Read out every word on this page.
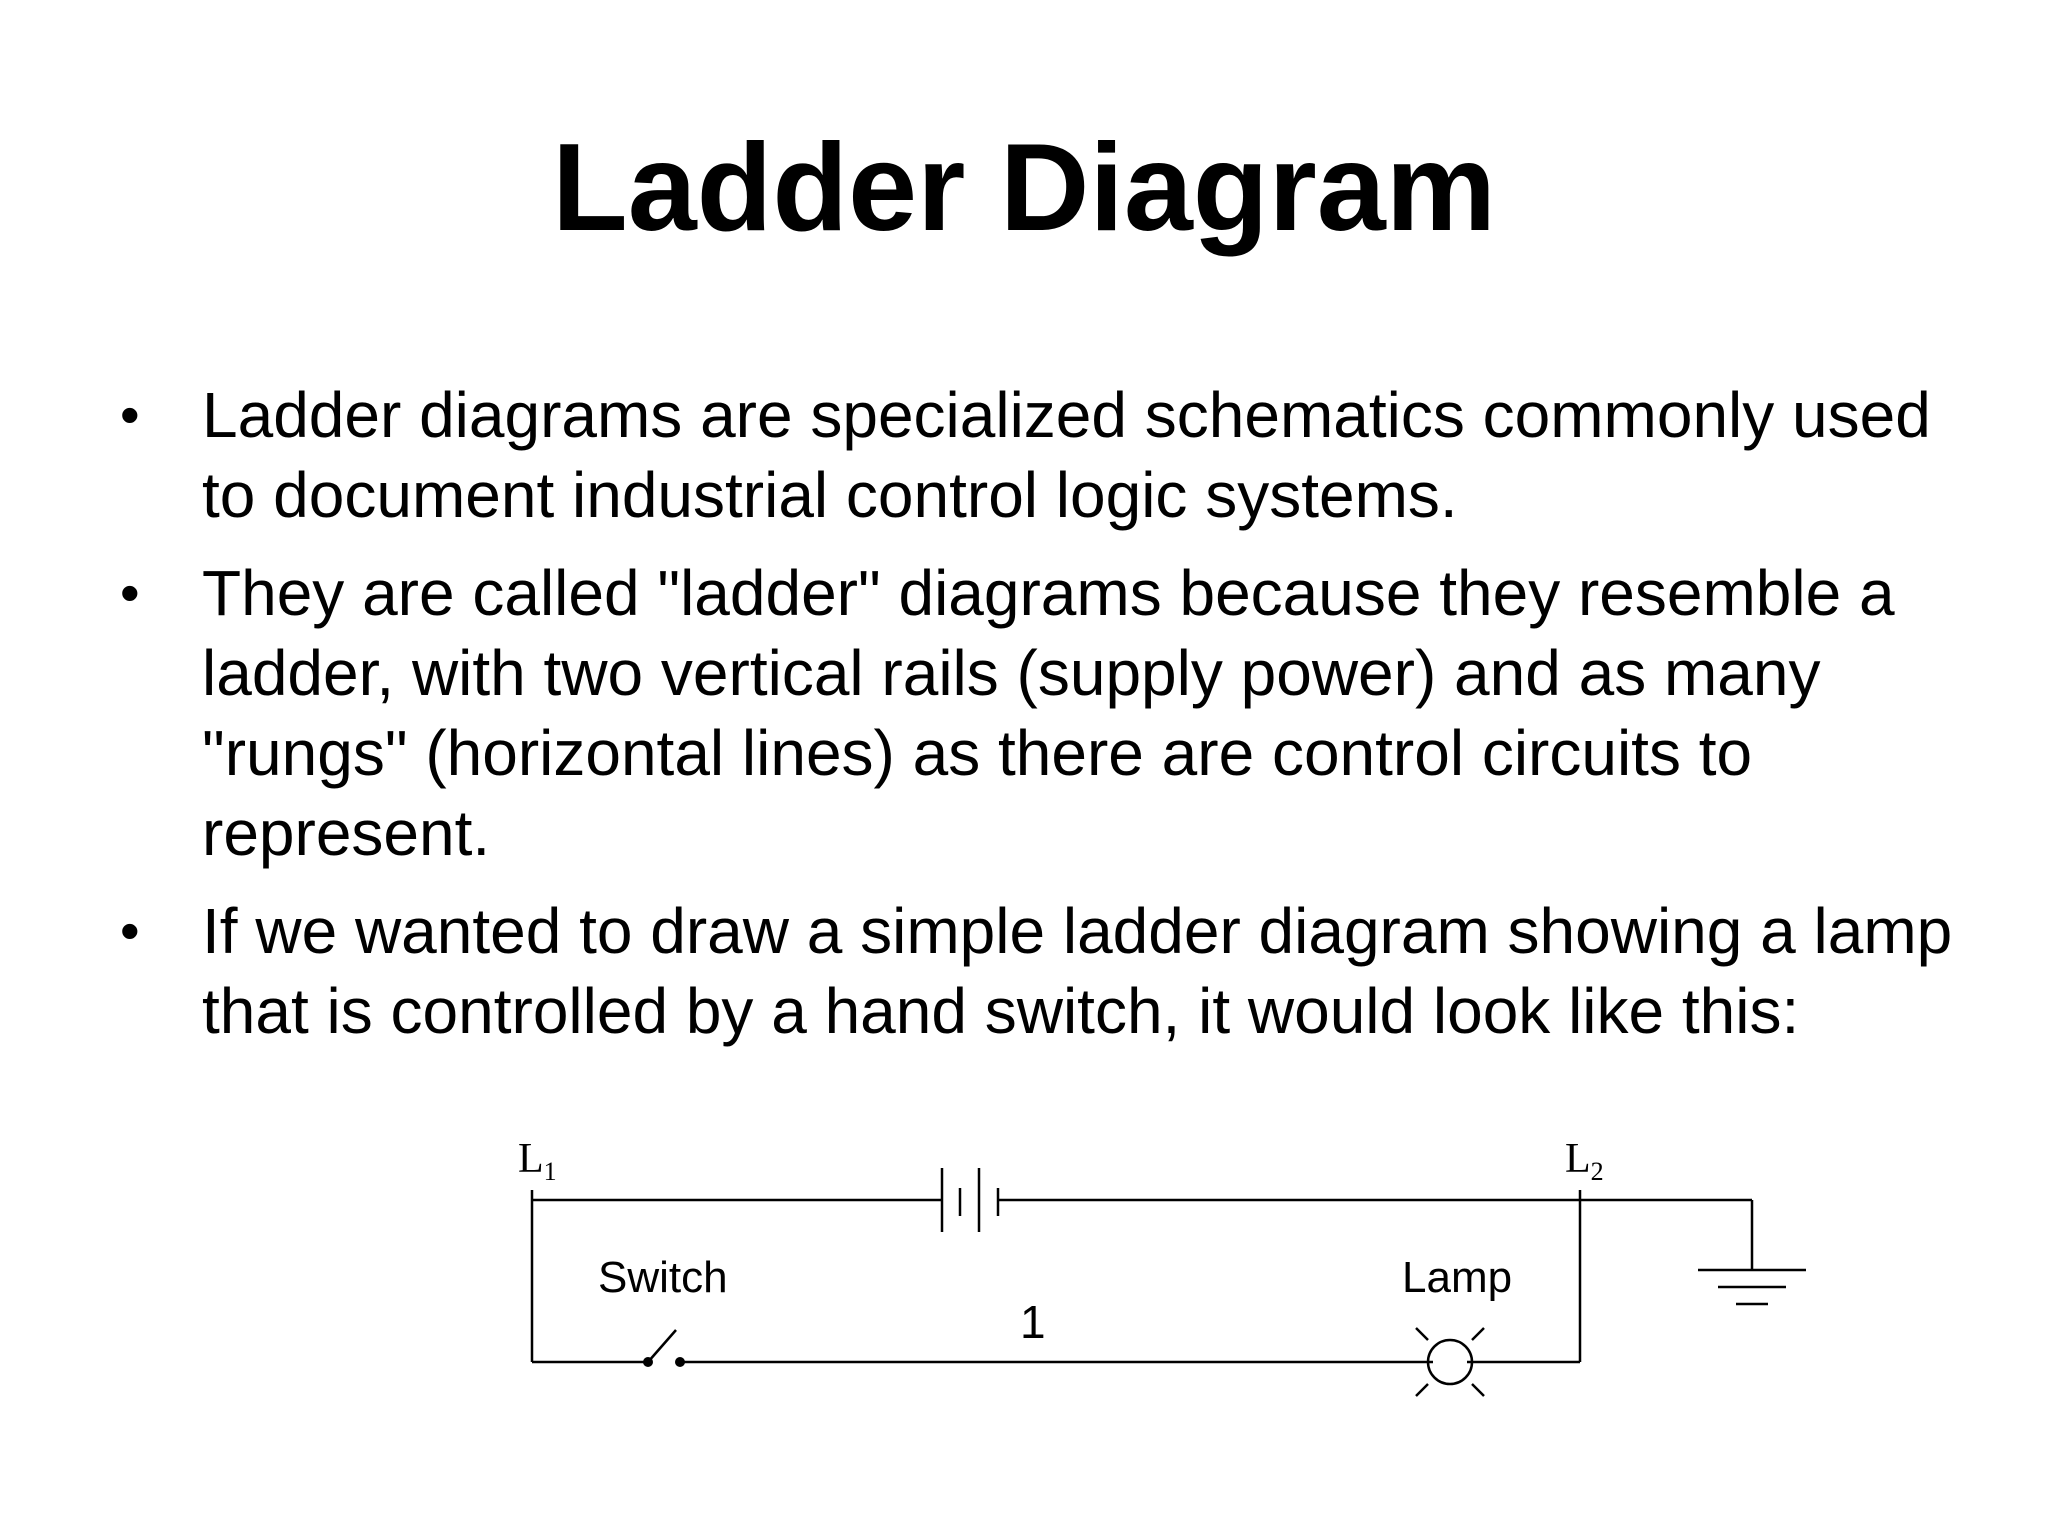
Ladder Diagram
• Ladder diagrams are specialized schematics commonly used to document industrial control logic systems.
• They are called "ladder" diagrams because they resemble a ladder, with two vertical rails (supply power) and as many "rungs" (horizontal lines) as there are control circuits to represent.
• If we wanted to draw a simple ladder diagram showing a lamp that is controlled by a hand switch, it would look like this:
L1	L2
Switch	Lamp
1
